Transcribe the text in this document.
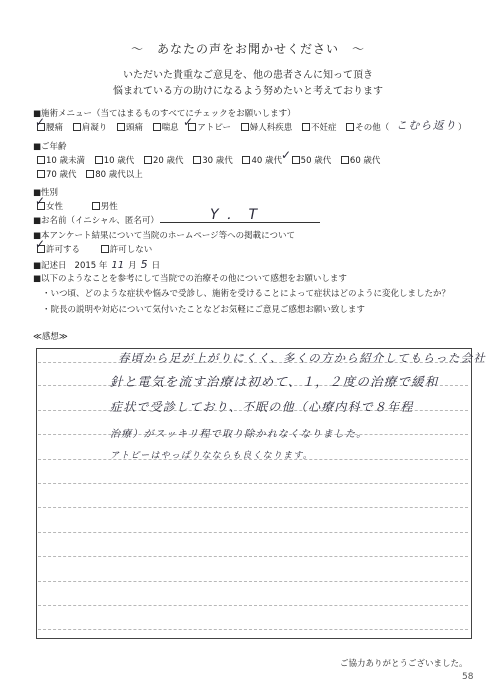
〜　あなたの声をお聞かせください　〜
いただいた貴重なご意見を、他の患者さんに知って頂き
悩まれている方の助けになるよう努めたいと考えております
■施術メニュー（当てはまるものすべてにチェックをお願いします）
腰痛 肩凝り 頭痛 喘息 アトピー 婦人科疾患 不妊症 その他（ こむら返り ）
✓	✓
■ご年齢
10 歳未満 10 歳代 20 歳代 30 歳代 40 歳代 50 歳代 60 歳代
✓
70 歳代 80 歳代以上
■性別
女性	男性
✓
■お名前（イニシャル、匿名可）	Y．T
■本アンケート結果について当院のホームページ等への掲載について
許可する	許可しない
✓
■記述日 2015 年 11 月 5 日
■以下のようなことを参考にして当院での治療その他について感想をお願いします
・いつ頃、どのような症状や悩みで受診し、施術を受けることによって症状はどのように変化しましたか？
・院長の説明や対応について気付いたことなどお気軽にご意見ご感想お願い致します
≪感想≫
春頃から足が上がりにくく、多くの方から紹介してもらった会社
針と電気を流す治療は初めて、１，２度の治療で緩和
症状で受診しており、不眠の他（心療内科で８年程
治療）がスッキリ程で取り除かれなくなりました。
アトピーはやっぱりなならも良くなります。
ご協力ありがとうございました。
58
